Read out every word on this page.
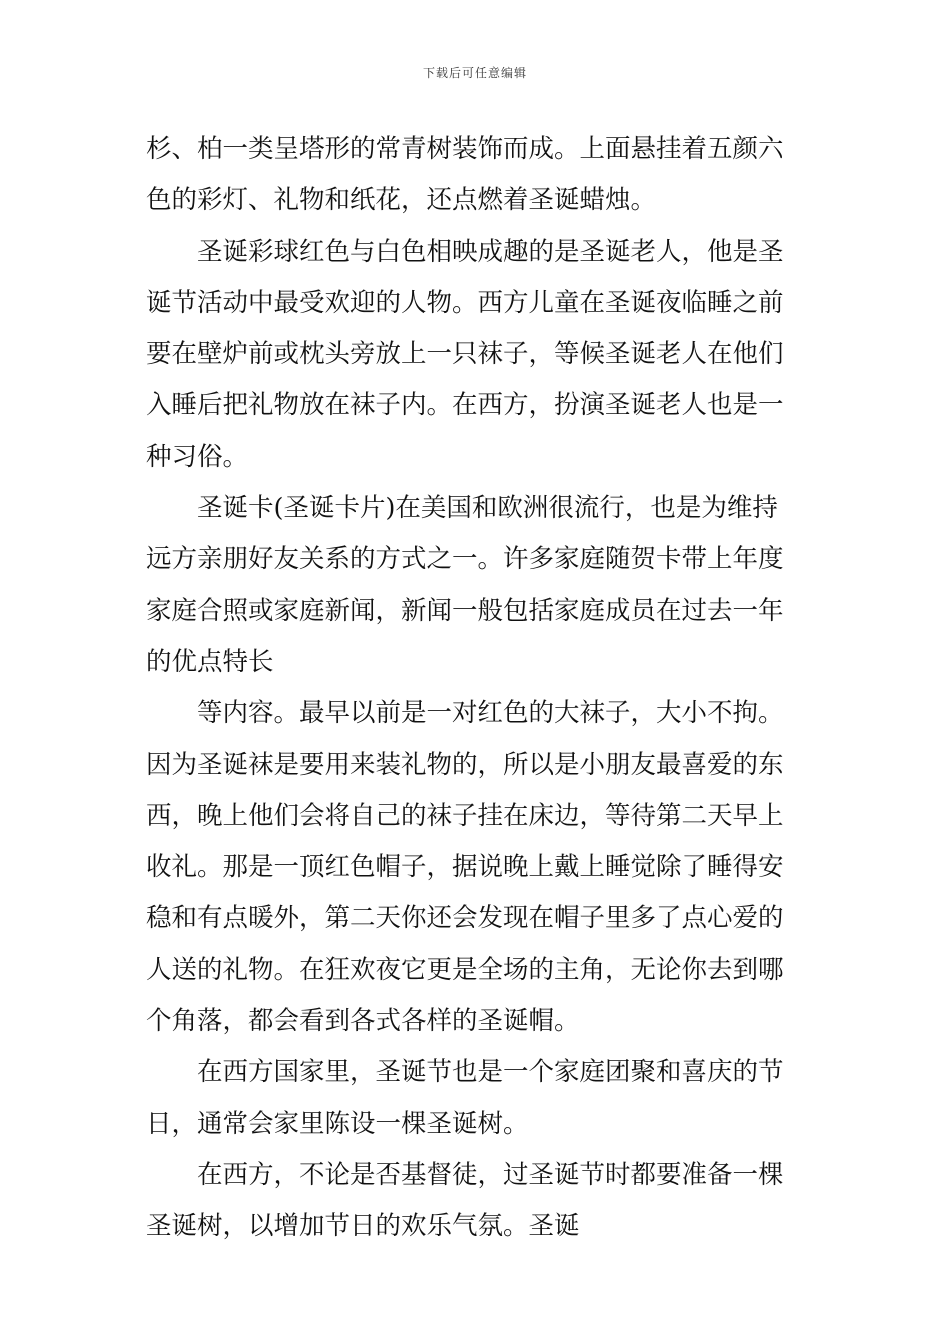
下载后可任意编辑
杉、柏一类呈塔形的常青树装饰而成。上面悬挂着五颜六
色的彩灯、礼物和纸花，还点燃着圣诞蜡烛。
圣诞彩球红色与白色相映成趣的是圣诞老人，他是圣
诞节活动中最受欢迎的人物。西方儿童在圣诞夜临睡之前
要在壁炉前或枕头旁放上一只袜子，等候圣诞老人在他们
入睡后把礼物放在袜子内。在西方，扮演圣诞老人也是一
种习俗。
圣诞卡(圣诞卡片)在美国和欧洲很流行，也是为维持
远方亲朋好友关系的方式之一。许多家庭随贺卡带上年度
家庭合照或家庭新闻，新闻一般包括家庭成员在过去一年
的优点特长
等内容。最早以前是一对红色的大袜子，大小不拘。
因为圣诞袜是要用来装礼物的，所以是小朋友最喜爱的东
西，晚上他们会将自己的袜子挂在床边，等待第二天早上
收礼。那是一顶红色帽子，据说晚上戴上睡觉除了睡得安
稳和有点暖外，第二天你还会发现在帽子里多了点心爱的
人送的礼物。在狂欢夜它更是全场的主角，无论你去到哪
个角落，都会看到各式各样的圣诞帽。
在西方国家里，圣诞节也是一个家庭团聚和喜庆的节
日，通常会家里陈设一棵圣诞树。
在西方，不论是否基督徒，过圣诞节时都要准备一棵
圣诞树，以增加节日的欢乐气氛。圣诞
